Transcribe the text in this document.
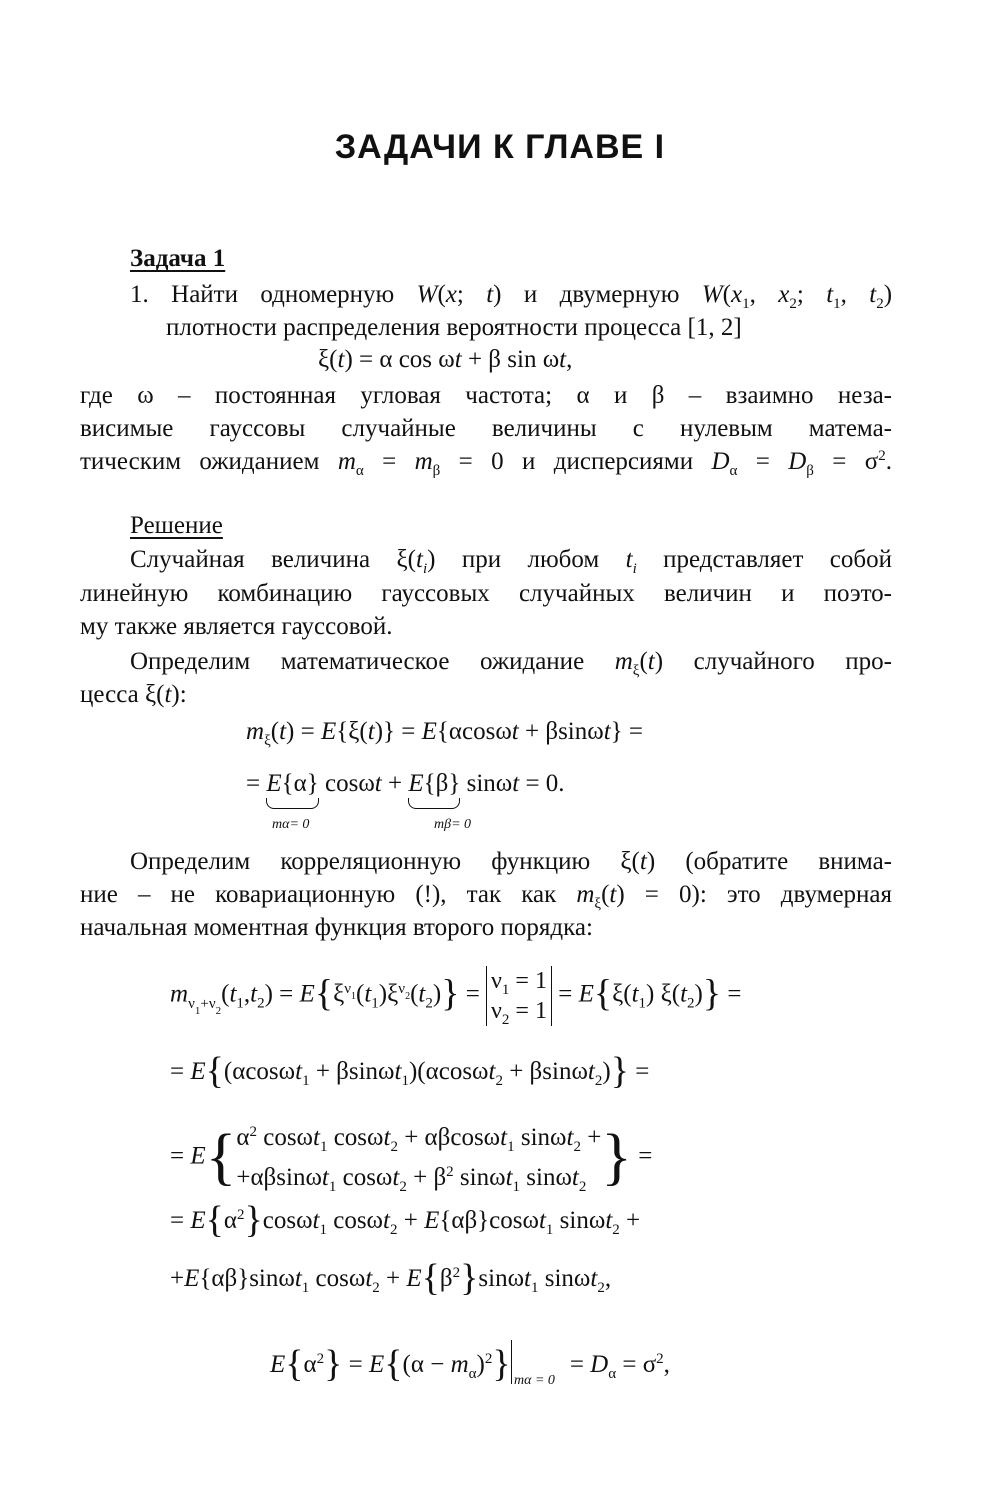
ЗАДАЧИ К ГЛАВЕ I
Задача 1
1. Найти одномерную W(x; t) и двумерную $W(x_1$, $x_2$; $t_1$, $t_2$)
плотности распределения вероятности процесса [1, 2]
ξ(t) = α cos ωt + β sin ωt,
где ω – постоянная угловая частота; α и β – взаимно неза-
висимые гауссовы случайные величины с нулевым матема-
тическим ожиданием $m_\alpha = m_\beta = 0$ и дисперсиями $D_\alpha = D_\beta = \sigma^2$.
Решение
Случайная величина $\xi(t_i)$ при любом $t_i$ представляет собой
линейную комбинацию гауссовых случайных величин и поэто-
му также является гауссовой.
Определим математическое ожидание $m_\xi(t)$ случайного про-
цесса ξ(t):
$m_\xi(t) = E\{\xi(t)\} = E\{\alpha\cos\omega t + \beta\sin\omega t\}$ =
= E{α}
cosωt + E{β}
sinωt = 0.
mα= 0	mβ= 0
Определим корреляционную функцию ξ(t) (обратите внима-
ние – не ковариационную (!), так как $m_\xi(t) = 0$): это двумерная
начальная моментная функция второго порядка:
$m_{\nu_1+\nu_2}(t_1,t_2) = E\{\xi^{\nu_1}(t_1)\xi^{\nu_2}(t_2)\} = \nu_1 = 1$
$\nu_2 = 1 = E\{\xi(t_1) \xi(t_2)\}$ =
= E{(αcosωt$_1$ + βsinωt$_1$)(αcosωt$_2$ + βsinωt$_2$)} =
= $E\{\alpha^2$ cosωt$_1$ cosωt$_2$ + αβcosωt$_1$ sinωt$_2$ +
+αβsinωt$_1$ $\cos\omega t_2 + \beta^2$ sinωt$_1$ sinωt$_2$ } =
= $E\{\alpha^2\}\cos\omega t_1$ cosωt$_2$ + E{αβ}cosωt$_1$ sinωt$_2$ +
+E{αβ}sinωt$_1$ $\cos\omega t_2 + E\{\beta^2\}\sin\omega t_1$ sinωt$_2$,
$E\{\alpha^2\} = E\{(\alpha - m_\alpha)^2\} = D_\alpha = \sigma^2$,
mα = 0
